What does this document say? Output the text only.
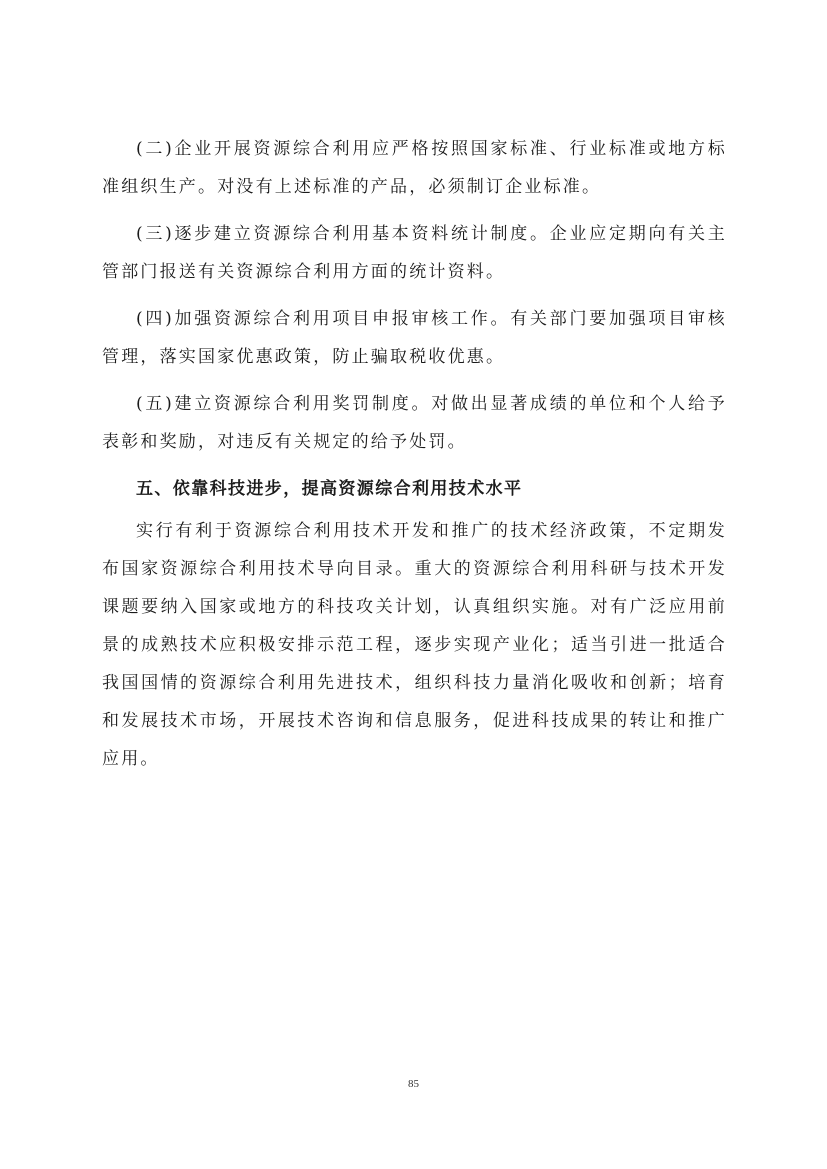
(二)企业开展资源综合利用应严格按照国家标准、行业标准或地方标准组织生产。对没有上述标准的产品，必须制订企业标准。

(三)逐步建立资源综合利用基本资料统计制度。企业应定期向有关主管部门报送有关资源综合利用方面的统计资料。

(四)加强资源综合利用项目申报审核工作。有关部门要加强项目审核管理，落实国家优惠政策，防止骗取税收优惠。

(五)建立资源综合利用奖罚制度。对做出显著成绩的单位和个人给予表彰和奖励，对违反有关规定的给予处罚。

五、依靠科技进步，提高资源综合利用技术水平

实行有利于资源综合利用技术开发和推广的技术经济政策，不定期发布国家资源综合利用技术导向目录。重大的资源综合利用科研与技术开发课题要纳入国家或地方的科技攻关计划，认真组织实施。对有广泛应用前景的成熟技术应积极安排示范工程，逐步实现产业化；适当引进一批适合我国国情的资源综合利用先进技术，组织科技力量消化吸收和创新；培育和发展技术市场，开展技术咨询和信息服务，促进科技成果的转让和推广应用。

85
